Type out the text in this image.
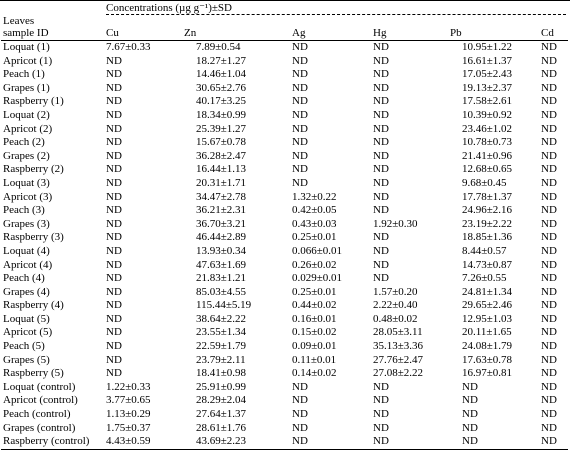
	Concentrations (µg g⁻¹)±SD					

Leaves						
sample ID	Cu	Zn	Ag	Hg	Pb	Cd
Loquat (1)	7.67±0.33	7.89±0.54	ND	ND	10.95±1.22	ND
Apricot (1)	ND	18.27±1.27	ND	ND	16.61±1.37	ND
Peach (1)	ND	14.46±1.04	ND	ND	17.05±2.43	ND
Grapes (1)	ND	30.65±2.76	ND	ND	19.13±2.37	ND
Raspberry (1)	ND	40.17±3.25	ND	ND	17.58±2.61	ND
Loquat (2)	ND	18.34±0.99	ND	ND	10.39±0.92	ND
Apricot (2)	ND	25.39±1.27	ND	ND	23.46±1.02	ND
Peach (2)	ND	15.67±0.78	ND	ND	10.78±0.73	ND
Grapes (2)	ND	36.28±2.47	ND	ND	21.41±0.96	ND
Raspberry (2)	ND	16.44±1.13	ND	ND	12.68±0.65	ND
Loquat (3)	ND	20.31±1.71	ND	ND	9.68±0.45	ND
Apricot (3)	ND	34.47±2.78	1.32±0.22	ND	17.78±1.37	ND
Peach (3)	ND	36.21±2.31	0.42±0.05	ND	24.96±2.16	ND
Grapes (3)	ND	36.70±3.21	0.43±0.03	1.92±0.30	23.19±2.22	ND
Raspberry (3)	ND	46.44±2.89	0.25±0.01	ND	18.85±1.36	ND
Loquat (4)	ND	13.93±0.34	0.066±0.01	ND	8.44±0.57	ND
Apricot (4)	ND	47.63±1.69	0.26±0.02	ND	14.73±0.87	ND
Peach (4)	ND	21.83±1.21	0.029±0.01	ND	7.26±0.55	ND
Grapes (4)	ND	85.03±4.55	0.25±0.01	1.57±0.20	24.81±1.34	ND
Raspberry (4)	ND	115.44±5.19	0.44±0.02	2.22±0.40	29.65±2.46	ND
Loquat (5)	ND	38.64±2.22	0.16±0.01	0.48±0.02	12.95±1.03	ND
Apricot (5)	ND	23.55±1.34	0.15±0.02	28.05±3.11	20.11±1.65	ND
Peach (5)	ND	22.59±1.79	0.09±0.01	35.13±3.36	24.08±1.79	ND
Grapes (5)	ND	23.79±2.11	0.11±0.01	27.76±2.47	17.63±0.78	ND
Raspberry (5)	ND	18.41±0.98	0.14±0.02	27.08±2.22	16.97±0.81	ND
Loquat (control)	1.22±0.33	25.91±0.99	ND	ND	ND	ND
Apricot (control)	3.77±0.65	28.29±2.04	ND	ND	ND	ND
Peach (control)	1.13±0.29	27.64±1.37	ND	ND	ND	ND
Grapes (control)	1.75±0.37	28.61±1.76	ND	ND	ND	ND
Raspberry (control)	4.43±0.59	43.69±2.23	ND	ND	ND	ND
